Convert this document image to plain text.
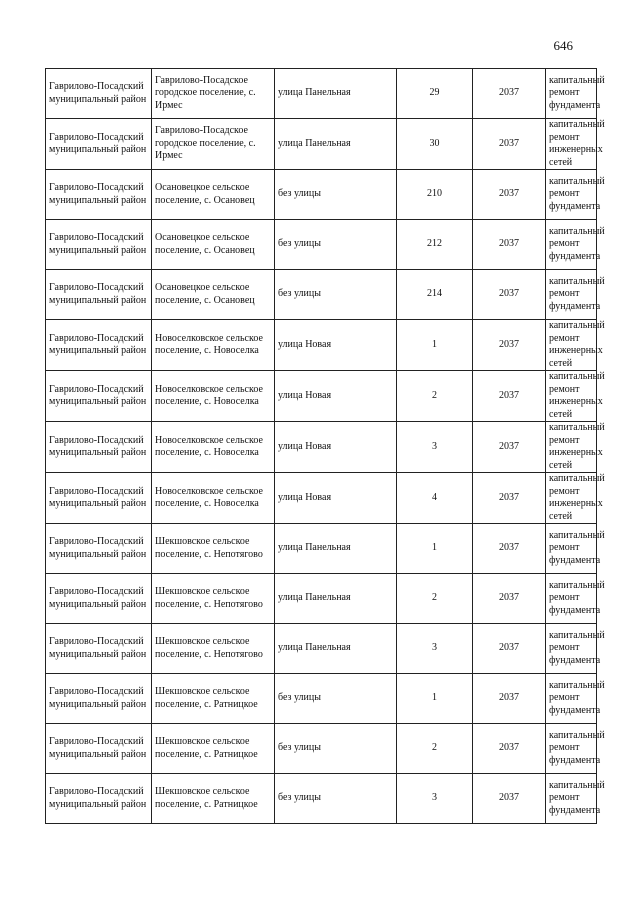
646
Гаврилово-Посадский муниципальный район	Гаврилово-Посадское городское поселение, с. Ирмес	улица Панельная	29	2037	капитальный ремонт фундамента
Гаврилово-Посадский муниципальный район	Гаврилово-Посадское городское поселение, с. Ирмес	улица Панельная	30	2037	капитальный ремонт инженерных сетей
Гаврилово-Посадский муниципальный район	Осановецкое сельское поселение, с. Осановец	без улицы	210	2037	капитальный ремонт фундамента
Гаврилово-Посадский муниципальный район	Осановецкое сельское поселение, с. Осановец	без улицы	212	2037	капитальный ремонт фундамента
Гаврилово-Посадский муниципальный район	Осановецкое сельское поселение, с. Осановец	без улицы	214	2037	капитальный ремонт фундамента
Гаврилово-Посадский муниципальный район	Новоселковское сельское поселение, с. Новоселка	улица Новая	1	2037	капитальный ремонт инженерных сетей
Гаврилово-Посадский муниципальный район	Новоселковское сельское поселение, с. Новоселка	улица Новая	2	2037	капитальный ремонт инженерных сетей
Гаврилово-Посадский муниципальный район	Новоселковское сельское поселение, с. Новоселка	улица Новая	3	2037	капитальный ремонт инженерных сетей
Гаврилово-Посадский муниципальный район	Новоселковское сельское поселение, с. Новоселка	улица Новая	4	2037	капитальный ремонт инженерных сетей
Гаврилово-Посадский муниципальный район	Шекшовское сельское поселение, с. Непотягово	улица Панельная	1	2037	капитальный ремонт фундамента
Гаврилово-Посадский муниципальный район	Шекшовское сельское поселение, с. Непотягово	улица Панельная	2	2037	капитальный ремонт фундамента
Гаврилово-Посадский муниципальный район	Шекшовское сельское поселение, с. Непотягово	улица Панельная	3	2037	капитальный ремонт фундамента
Гаврилово-Посадский муниципальный район	Шекшовское сельское поселение, с. Ратницкое	без улицы	1	2037	капитальный ремонт фундамента
Гаврилово-Посадский муниципальный район	Шекшовское сельское поселение, с. Ратницкое	без улицы	2	2037	капитальный ремонт фундамента
Гаврилово-Посадский муниципальный район	Шекшовское сельское поселение, с. Ратницкое	без улицы	3	2037	капитальный ремонт фундамента
